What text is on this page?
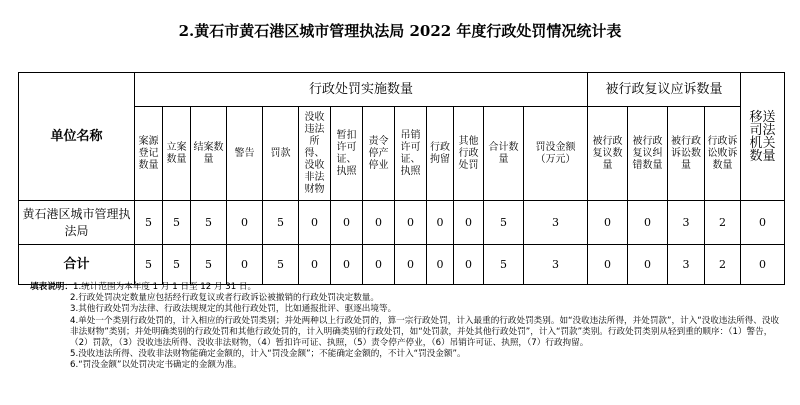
2.黄石市黄石港区城市管理执法局 2022 年度行政处罚情况统计表
单位名称	行政处罚实施数量													被行政复议应诉数量				移送司法机关数量
	案源登记数量	立案数量	结案数量	警告	罚款	没收违法所得、没收非法财物	暂扣许可证、执照	责令停产停业	吊销许可证、执照	行政拘留	其他行政处罚	合计数量	罚没金额（万元）	被行政复议数量	被行政复议纠错数量	被行政诉讼数量	行政诉讼败诉数量	
黄石港区城市管理执法局	5	5	5	0	5	0	0	0	0	0	0	5	3	0	0	3	2	0
合计	5	5	5	0	5	0	0	0	0	0	0	5	3	0	0	3	2	0

填表说明：1.统计范围为本年度 1 月 1 日至 12 月 31 日。

2.行政处罚决定数量应包括经行政复议或者行政诉讼被撤销的行政处罚决定数量。

3.其他行政处罚为法律、行政法规规定的其他行政处罚，比如通报批评、驱逐出境等。

4.单处一个类别行政处罚的，计入相应的行政处罚类别；并处两种以上行政处罚的，算一宗行政处罚，计入最重的行政处罚类别。如“没收违法所得，并处罚款”，计入“没收违法所得、没收非法财物”类别；并处明确类别的行政处罚和其他行政处罚的，计入明确类别的行政处罚，如“处罚款，并处其他行政处罚”，计入“罚款”类别。行政处罚类别从轻到重的顺序：（1）警告，（2）罚款，（3）没收违法所得、没收非法财物，（4）暂扣许可证、执照，（5）责令停产停业，（6）吊销许可证、执照，（7）行政拘留。

5.没收违法所得、没收非法财物能确定金额的，计入“罚没金额”；不能确定金额的，不计入“罚没金额”。

6.“罚没金额”以处罚决定书确定的金额为准。
